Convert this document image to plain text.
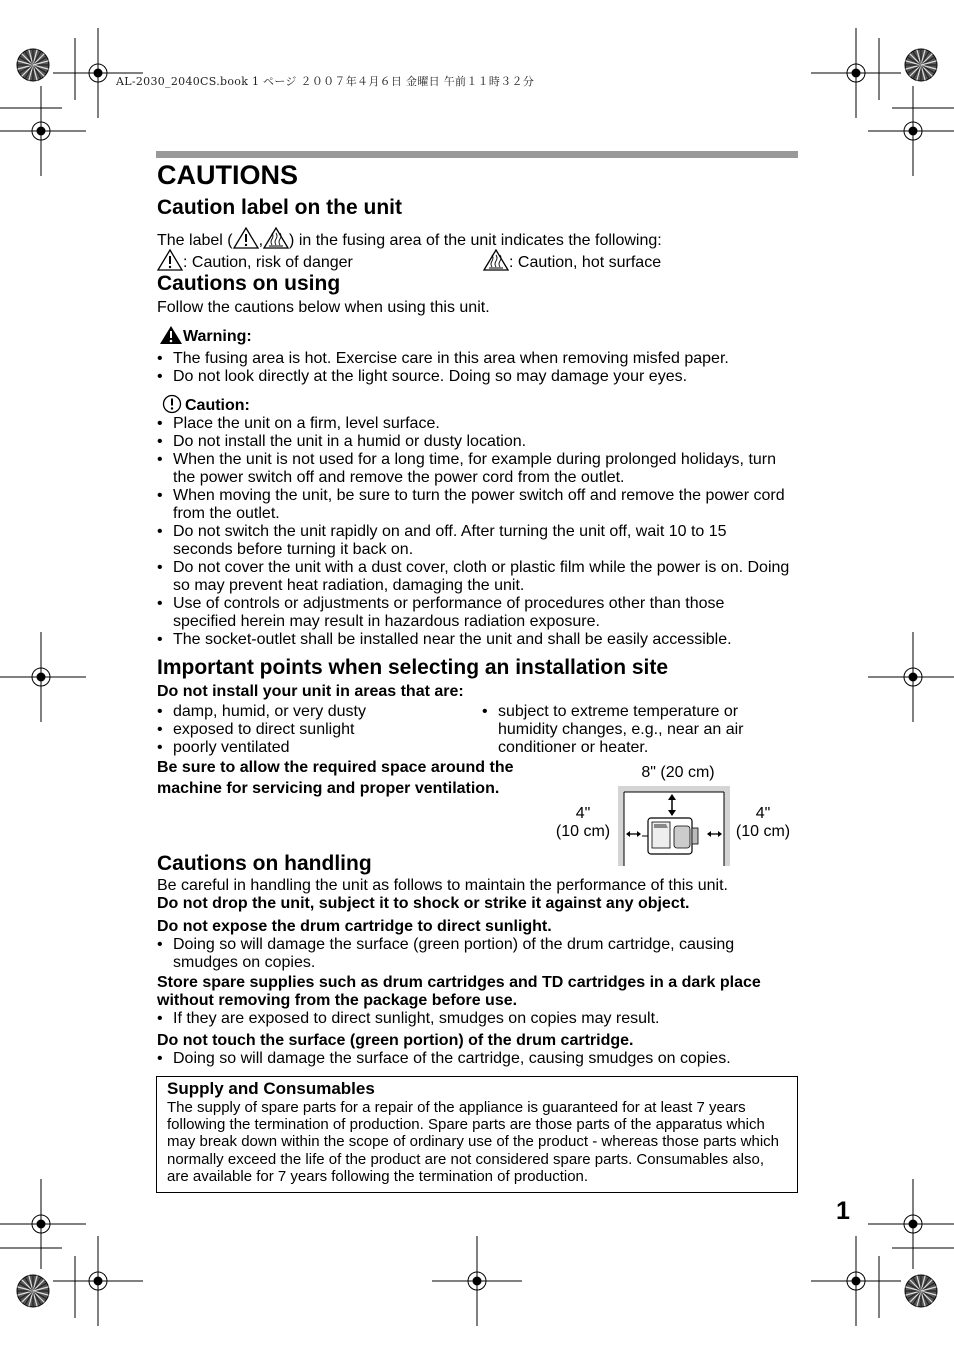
AL-2030_2040CS.book 1 ページ ２００７年４月６日 金曜日 午前１１時３２分
CAUTIONS
Caution label on the unit
The label ( , ) in the fusing area of the unit indicates the following:
: Caution, risk of danger	: Caution, hot surface
Cautions on using
Follow the cautions below when using this unit.
Warning:
• The fusing area is hot. Exercise care in this area when removing misfed paper.
• Do not look directly at the light source. Doing so may damage your eyes.
Caution:
• Place the unit on a firm, level surface.
• Do not install the unit in a humid or dusty location.
• When the unit is not used for a long time, for example during prolonged holidays, turn the power switch off and remove the power cord from the outlet.
• When moving the unit, be sure to turn the power switch off and remove the power cord from the outlet.
• Do not switch the unit rapidly on and off. After turning the unit off, wait 10 to 15 seconds before turning it back on.
• Do not cover the unit with a dust cover, cloth or plastic film while the power is on. Doing so may prevent heat radiation, damaging the unit.
• Use of controls or adjustments or performance of procedures other than those specified herein may result in hazardous radiation exposure.
• The socket-outlet shall be installed near the unit and shall be easily accessible.
Important points when selecting an installation site
Do not install your unit in areas that are:
• damp, humid, or very dusty
• exposed to direct sunlight
• poorly ventilated
• subject to extreme temperature or humidity changes, e.g., near an air conditioner or heater.
Be sure to allow the required space around the machine for servicing and proper ventilation.
8" (20 cm)
4"
(10 cm)
4"
(10 cm)
Cautions on handling
Be careful in handling the unit as follows to maintain the performance of this unit.
Do not drop the unit, subject it to shock or strike it against any object.
Do not expose the drum cartridge to direct sunlight.
• Doing so will damage the surface (green portion) of the drum cartridge, causing smudges on copies.
Store spare supplies such as drum cartridges and TD cartridges in a dark place without removing from the package before use.
• If they are exposed to direct sunlight, smudges on copies may result.
Do not touch the surface (green portion) of the drum cartridge.
• Doing so will damage the surface of the cartridge, causing smudges on copies.
Supply and Consumables
The supply of spare parts for a repair of the appliance is guaranteed for at least 7 years following the termination of production. Spare parts are those parts of the apparatus which may break down within the scope of ordinary use of the product - whereas those parts which normally exceed the life of the product are not considered spare parts. Consumables also, are available for 7 years following the termination of production.
1
